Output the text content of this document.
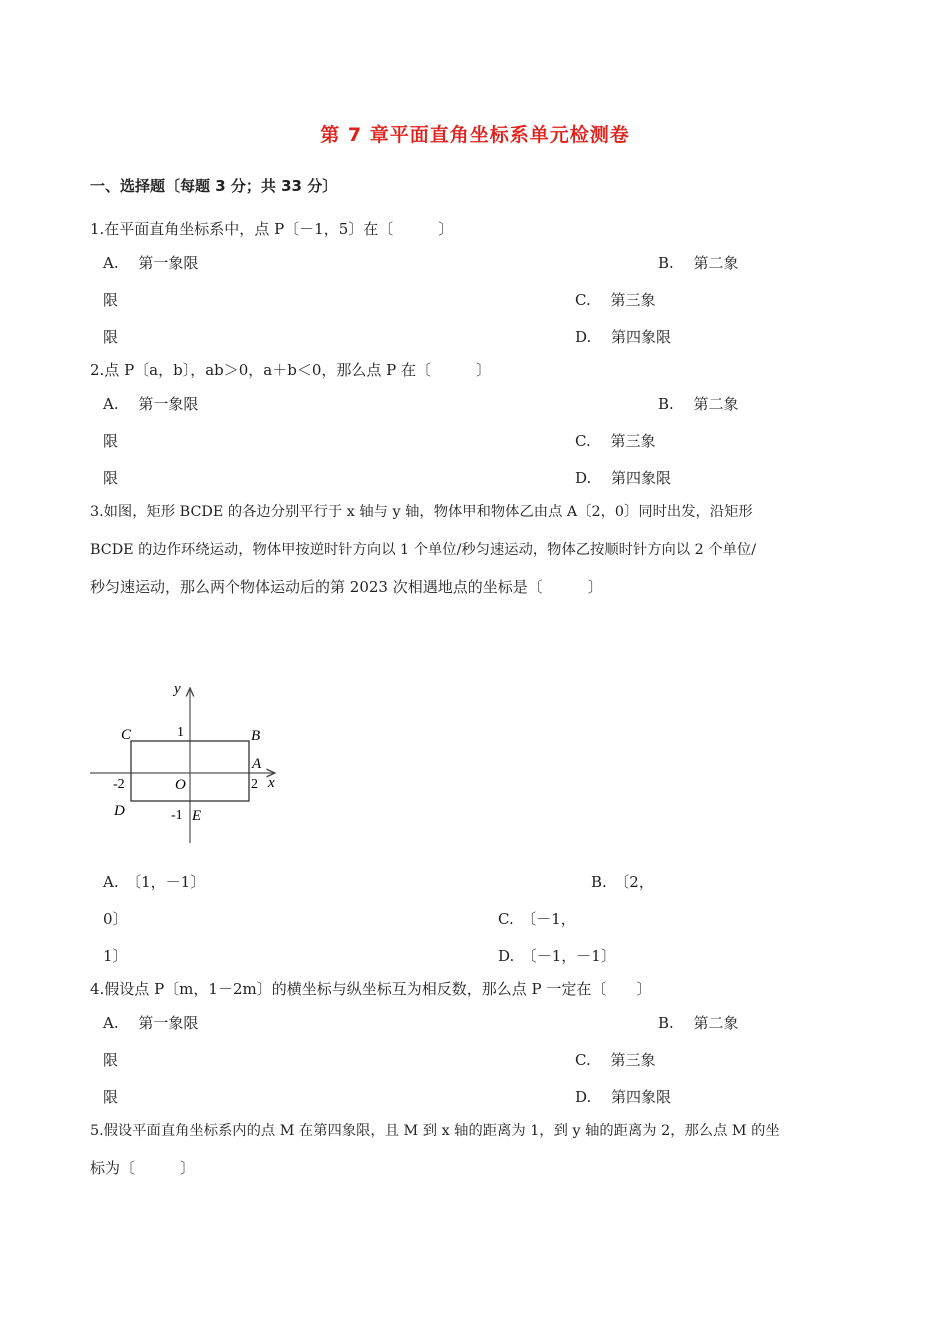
第 7 章平面直角坐标系单元检测卷
一、选择题〔每题 3 分；共 33 分〕
1.在平面直角坐标系中，点 P〔－1，5〕在〔　　　〕
A.　 第一象限	B.　 第二象
限	C.　 第三象
限	D.　 第四象限
2.点 P〔a，b〕，ab＞0，a＋b＜0，那么点 P 在〔　　　〕
A.　 第一象限	B.　 第二象
限	C.　 第三象
限	D.　 第四象限
3.如图，矩形 BCDE 的各边分别平行于 x 轴与 y 轴，物体甲和物体乙由点 A〔2，0〕同时出发，沿矩形
BCDE 的边作环绕运动，物体甲按逆时针方向以 1 个单位/秒匀速运动，物体乙按顺时针方向以 2 个单位/
秒匀速运动，那么两个物体运动后的第 2023 次相遇地点的坐标是〔　　　〕
y
x
C	B
A
D	E
O
1
-1
-2	2
A.　〔1，－1〕	B.　〔2，
0〕	C.　〔－1，
1〕	D.　〔－1，－1〕
4.假设点 P〔m，1－2m〕的横坐标与纵坐标互为相反数，那么点 P 一定在〔　　〕
A.　 第一象限	B.　 第二象
限	C.　 第三象
限	D.　 第四象限
5.假设平面直角坐标系内的点 M 在第四象限，且 M 到 x 轴的距离为 1，到 y 轴的距离为 2，那么点 M 的坐
标为〔　　　〕
